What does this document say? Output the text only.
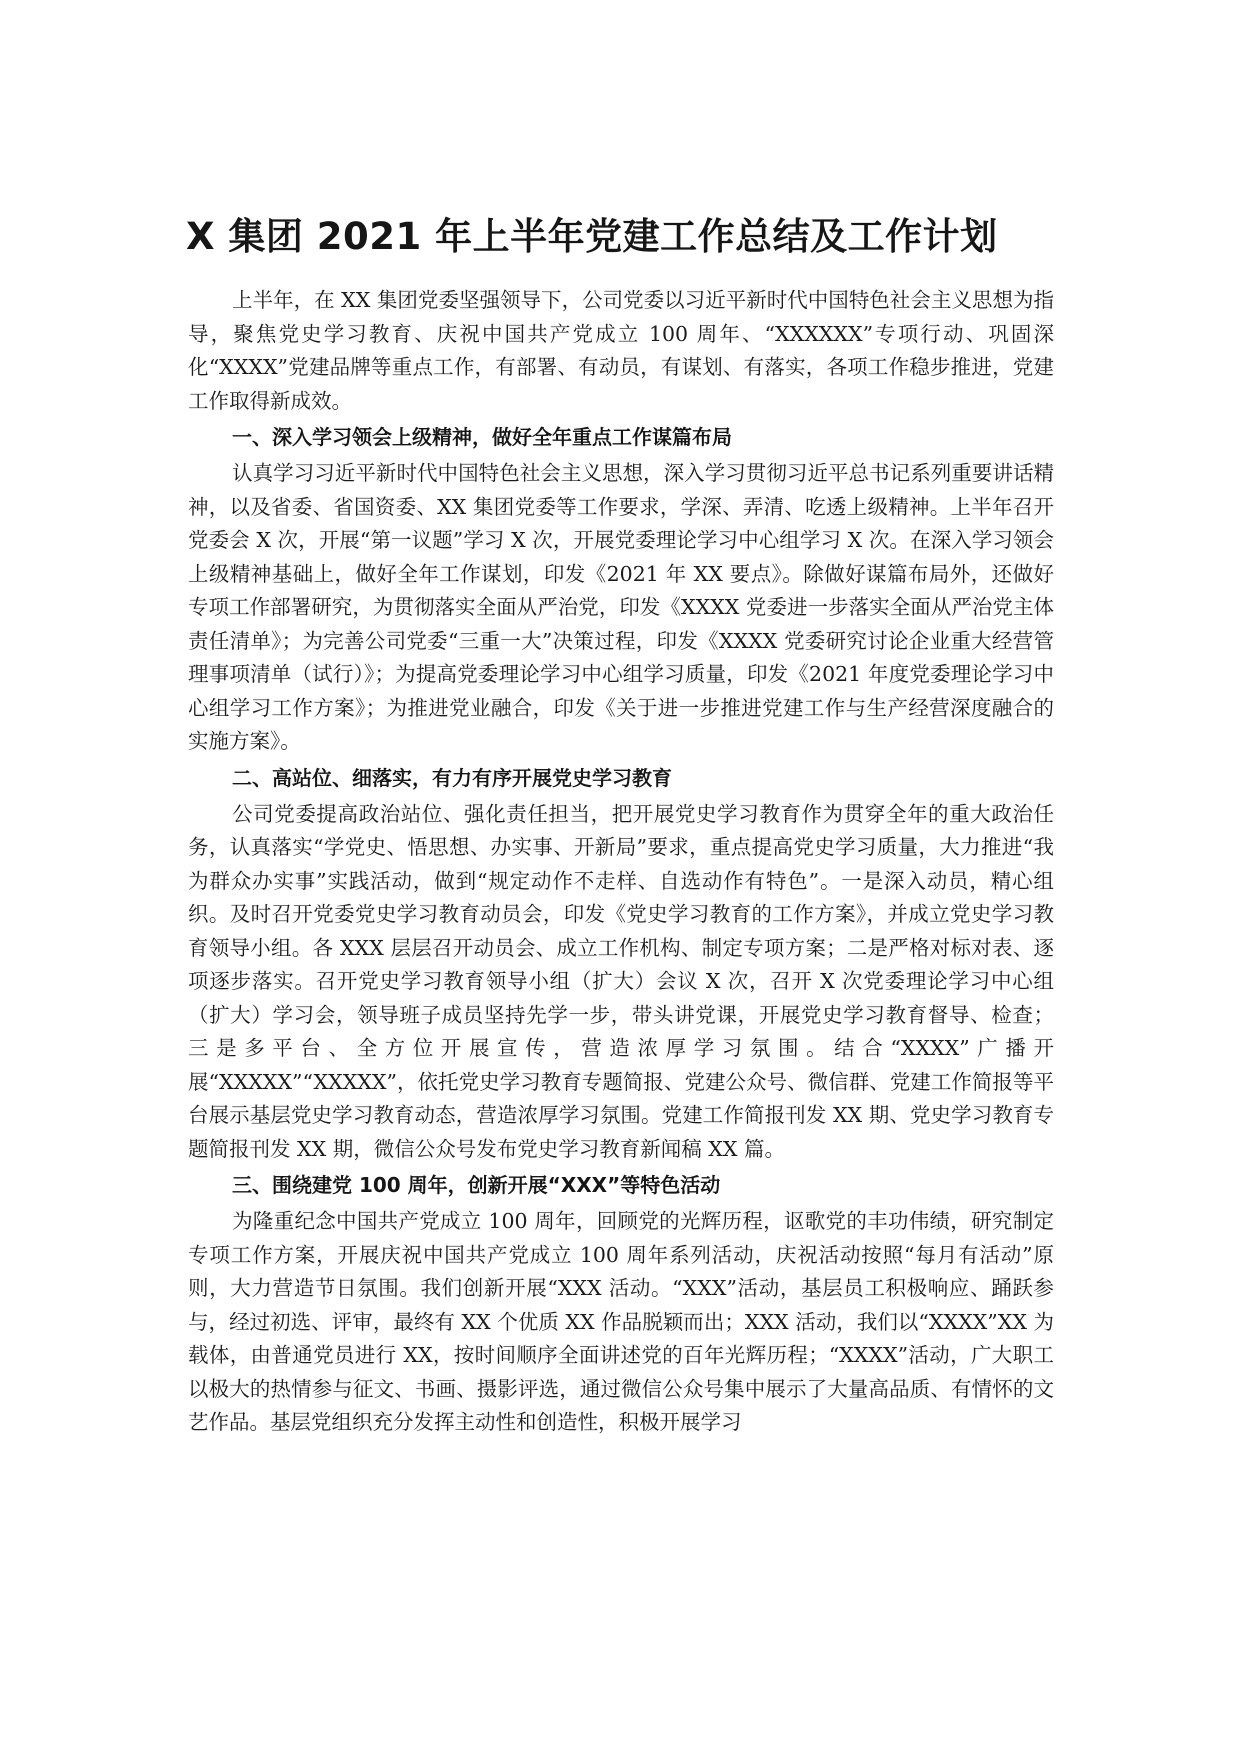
X 集团 2021 年上半年党建工作总结及工作计划

上半年，在 XX 集团党委坚强领导下，公司党委以习近平新时代中国特色社会主义思想为指导，聚焦党史学习教育、庆祝中国共产党成立 100 周年、“XXXXXX”专项行动、巩固深化“XXXX”党建品牌等重点工作，有部署、有动员，有谋划、有落实，各项工作稳步推进，党建工作取得新成效。

一、深入学习领会上级精神，做好全年重点工作谋篇布局

认真学习习近平新时代中国特色社会主义思想，深入学习贯彻习近平总书记系列重要讲话精神，以及省委、省国资委、XX 集团党委等工作要求，学深、弄清、吃透上级精神。上半年召开党委会 X 次，开展“第一议题”学习 X 次，开展党委理论学习中心组学习 X 次。在深入学习领会上级精神基础上，做好全年工作谋划，印发《2021 年 XX 要点》。除做好谋篇布局外，还做好专项工作部署研究，为贯彻落实全面从严治党，印发《XXXX 党委进一步落实全面从严治党主体责任清单》；为完善公司党委“三重一大”决策过程，印发《XXXX 党委研究讨论企业重大经营管理事项清单（试行）》；为提高党委理论学习中心组学习质量，印发《2021 年度党委理论学习中心组学习工作方案》；为推进党业融合，印发《关于进一步推进党建工作与生产经营深度融合的实施方案》。

二、高站位、细落实，有力有序开展党史学习教育

公司党委提高政治站位、强化责任担当，把开展党史学习教育作为贯穿全年的重大政治任务，认真落实“学党史、悟思想、办实事、开新局”要求，重点提高党史学习质量，大力推进“我为群众办实事”实践活动，做到“规定动作不走样、自选动作有特色”。一是深入动员，精心组织。及时召开党委党史学习教育动员会，印发《党史学习教育的工作方案》，并成立党史学习教育领导小组。各 XXX 层层召开动员会、成立工作机构、制定专项方案；二是严格对标对表、逐项逐步落实。召开党史学习教育领导小组（扩大）会议 X 次，召开 X 次党委理论学习中心组（扩大）学习会，领导班子成员坚持先学一步，带头讲党课，开展党史学习教育督导、检查； 三是多平台、全方位开展宣传，营造浓厚学习氛围。结合“XXXX”广播开展“XXXXX”“XXXXX”，依托党史学习教育专题简报、党建公众号、微信群、党建工作简报等平台展示基层党史学习教育动态，营造浓厚学习氛围。党建工作简报刊发 XX 期、党史学习教育专题简报刊发 XX 期，微信公众号发布党史学习教育新闻稿 XX 篇。

三、围绕建党 100 周年，创新开展“XXX”等特色活动

为隆重纪念中国共产党成立 100 周年，回顾党的光辉历程，讴歌党的丰功伟绩，研究制定专项工作方案，开展庆祝中国共产党成立 100 周年系列活动，庆祝活动按照“每月有活动”原则，大力营造节日氛围。我们创新开展“XXX 活动。“XXX”活动，基层员工积极响应、踊跃参与，经过初选、评审，最终有 XX 个优质 XX 作品脱颖而出；XXX 活动，我们以“XXXX”XX 为载体，由普通党员进行 XX，按时间顺序全面讲述党的百年光辉历程；“XXXX”活动，广大职工以极大的热情参与征文、书画、摄影评选，通过微信公众号集中展示了大量高品质、有情怀的文艺作品。基层党组织充分发挥主动性和创造性，积极开展学习
